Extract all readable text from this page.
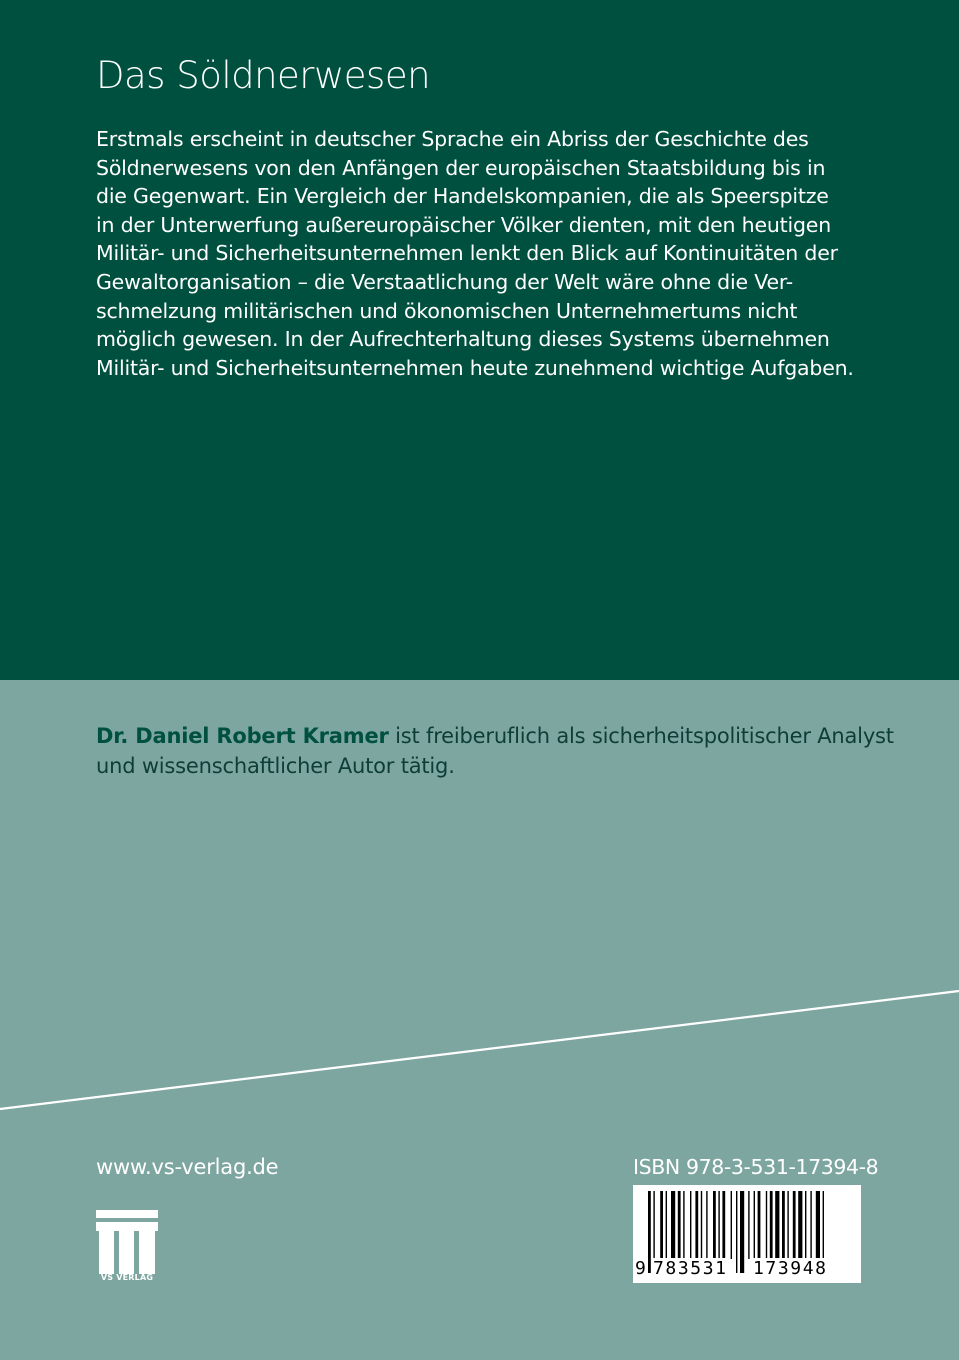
Das Söldnerwesen
Erstmals erscheint in deutscher Sprache ein Abriss der Geschichte des
Söldnerwesens von den Anfängen der europäischen Staatsbildung bis in
die Gegenwart. Ein Vergleich der Handelskompanien, die als Speerspitze
in der Unterwerfung außereuropäischer Völker dienten, mit den heutigen
Militär- und Sicherheitsunternehmen lenkt den Blick auf Kontinuitäten der
Gewaltorganisation – die Verstaatlichung der Welt wäre ohne die Ver-
schmelzung militärischen und ökonomischen Unternehmertums nicht
möglich gewesen. In der Aufrechterhaltung dieses Systems übernehmen
Militär- und Sicherheitsunternehmen heute zunehmend wichtige Aufgaben.
Dr. Daniel Robert Kramer ist freiberuflich als sicherheitspolitischer Analyst
und wissenschaftlicher Autor tätig.
www.vs-verlag.de
VS VERLAG
ISBN 978-3-531-17394-8
9 783531 173948
